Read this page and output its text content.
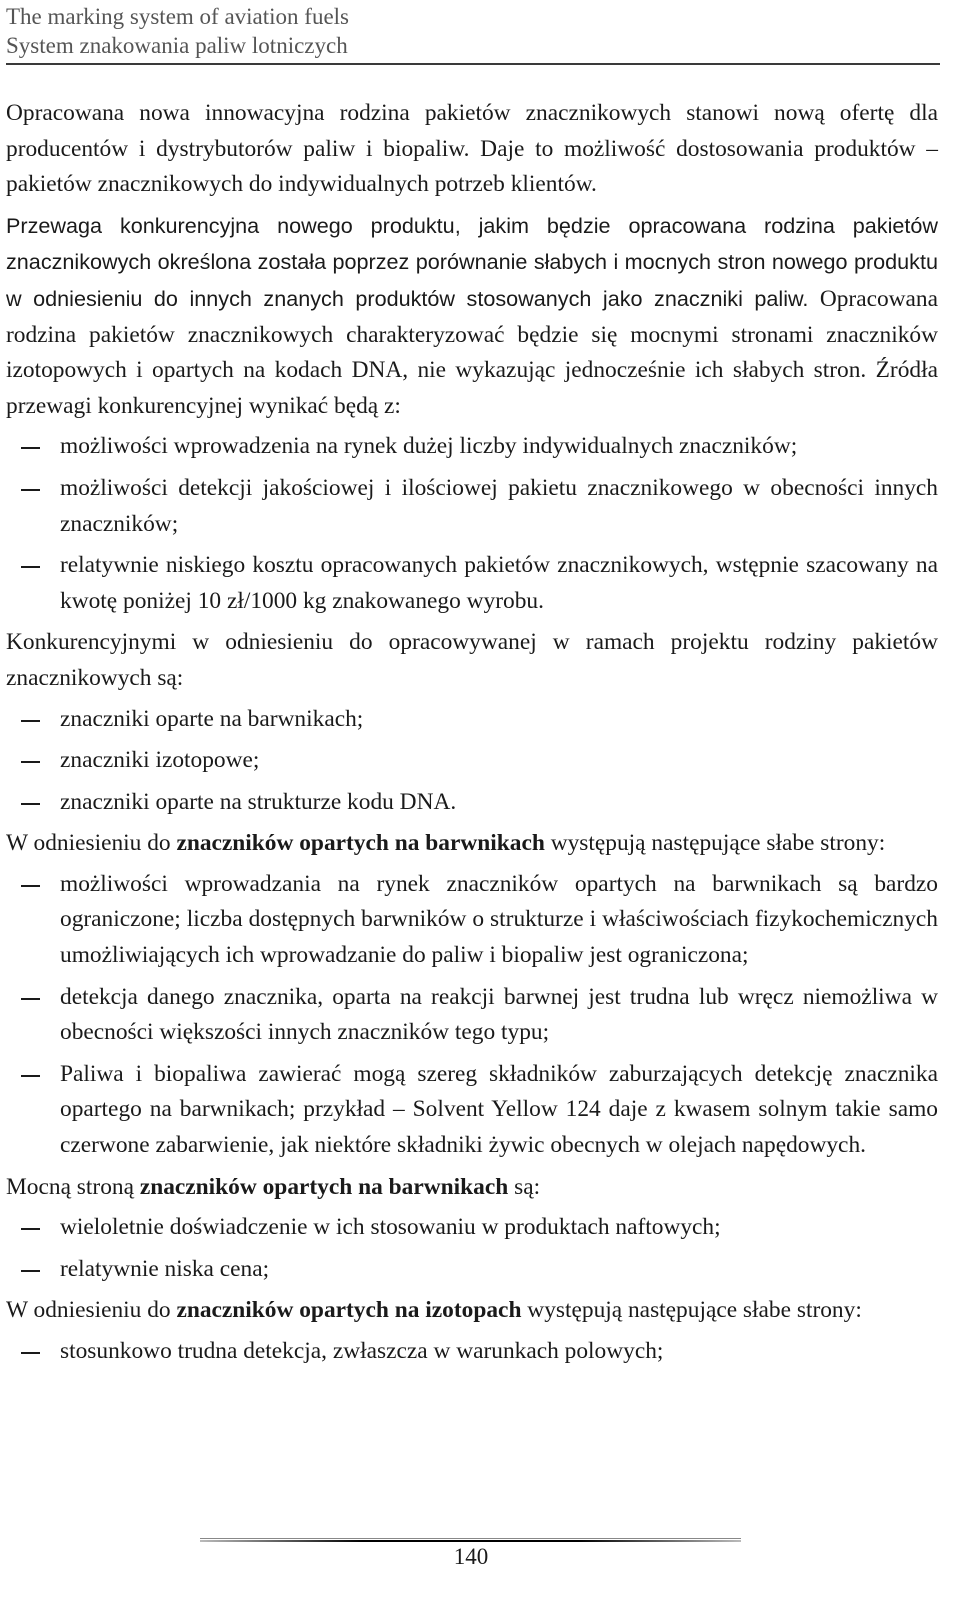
The marking system of aviation fuels
System znakowania paliw lotniczych

Opracowana nowa innowacyjna rodzina pakietów znacznikowych stanowi nową ofertę dla producentów i dystrybutorów paliw i biopaliw. Daje to możliwość dostosowania produktów – pakietów znacznikowych do indywidualnych potrzeb klientów.

Przewaga konkurencyjna nowego produktu, jakim będzie opracowana rodzina pakietów znacznikowych określona została poprzez porównanie słabych i mocnych stron nowego produktu w odniesieniu do innych znanych produktów stosowanych jako znaczniki paliw. Opracowana rodzina pakietów znacznikowych charakteryzować będzie się mocnymi stronami znaczników izotopowych i opartych na kodach DNA, nie wykazując jednocześnie ich słabych stron. Źródła przewagi konkurencyjnej wynikać będą z:

możliwości wprowadzenia na rynek dużej liczby indywidualnych znaczników;
możliwości detekcji jakościowej i ilościowej pakietu znacznikowego w obecności innych znaczników;
relatywnie niskiego kosztu opracowanych pakietów znacznikowych, wstępnie szacowany na kwotę poniżej 10 zł/1000 kg znakowanego wyrobu.

Konkurencyjnymi w odniesieniu do opracowywanej w ramach projektu rodziny pakietów znacznikowych są:

znaczniki oparte na barwnikach;
znaczniki izotopowe;
znaczniki oparte na strukturze kodu DNA.

W odniesieniu do znaczników opartych na barwnikach występują następujące słabe strony:

możliwości wprowadzania na rynek znaczników opartych na barwnikach są bardzo ograniczone; liczba dostępnych barwników o strukturze i właściwościach fizykochemicznych umożliwiających ich wprowadzanie do paliw i biopaliw jest ograniczona;
detekcja danego znacznika, oparta na reakcji barwnej jest trudna lub wręcz niemożliwa w obecności większości innych znaczników tego typu;
Paliwa i biopaliwa zawierać mogą szereg składników zaburzających detekcję znacznika opartego na barwnikach; przykład – Solvent Yellow 124 daje z kwasem solnym takie samo czerwone zabarwienie, jak niektóre składniki żywic obecnych w olejach napędowych.

Mocną stroną znaczników opartych na barwnikach są:

wieloletnie doświadczenie w ich stosowaniu w produktach naftowych;
relatywnie niska cena;

W odniesieniu do znaczników opartych na izotopach występują następujące słabe strony:

stosunkowo trudna detekcja, zwłaszcza w warunkach polowych;
140
